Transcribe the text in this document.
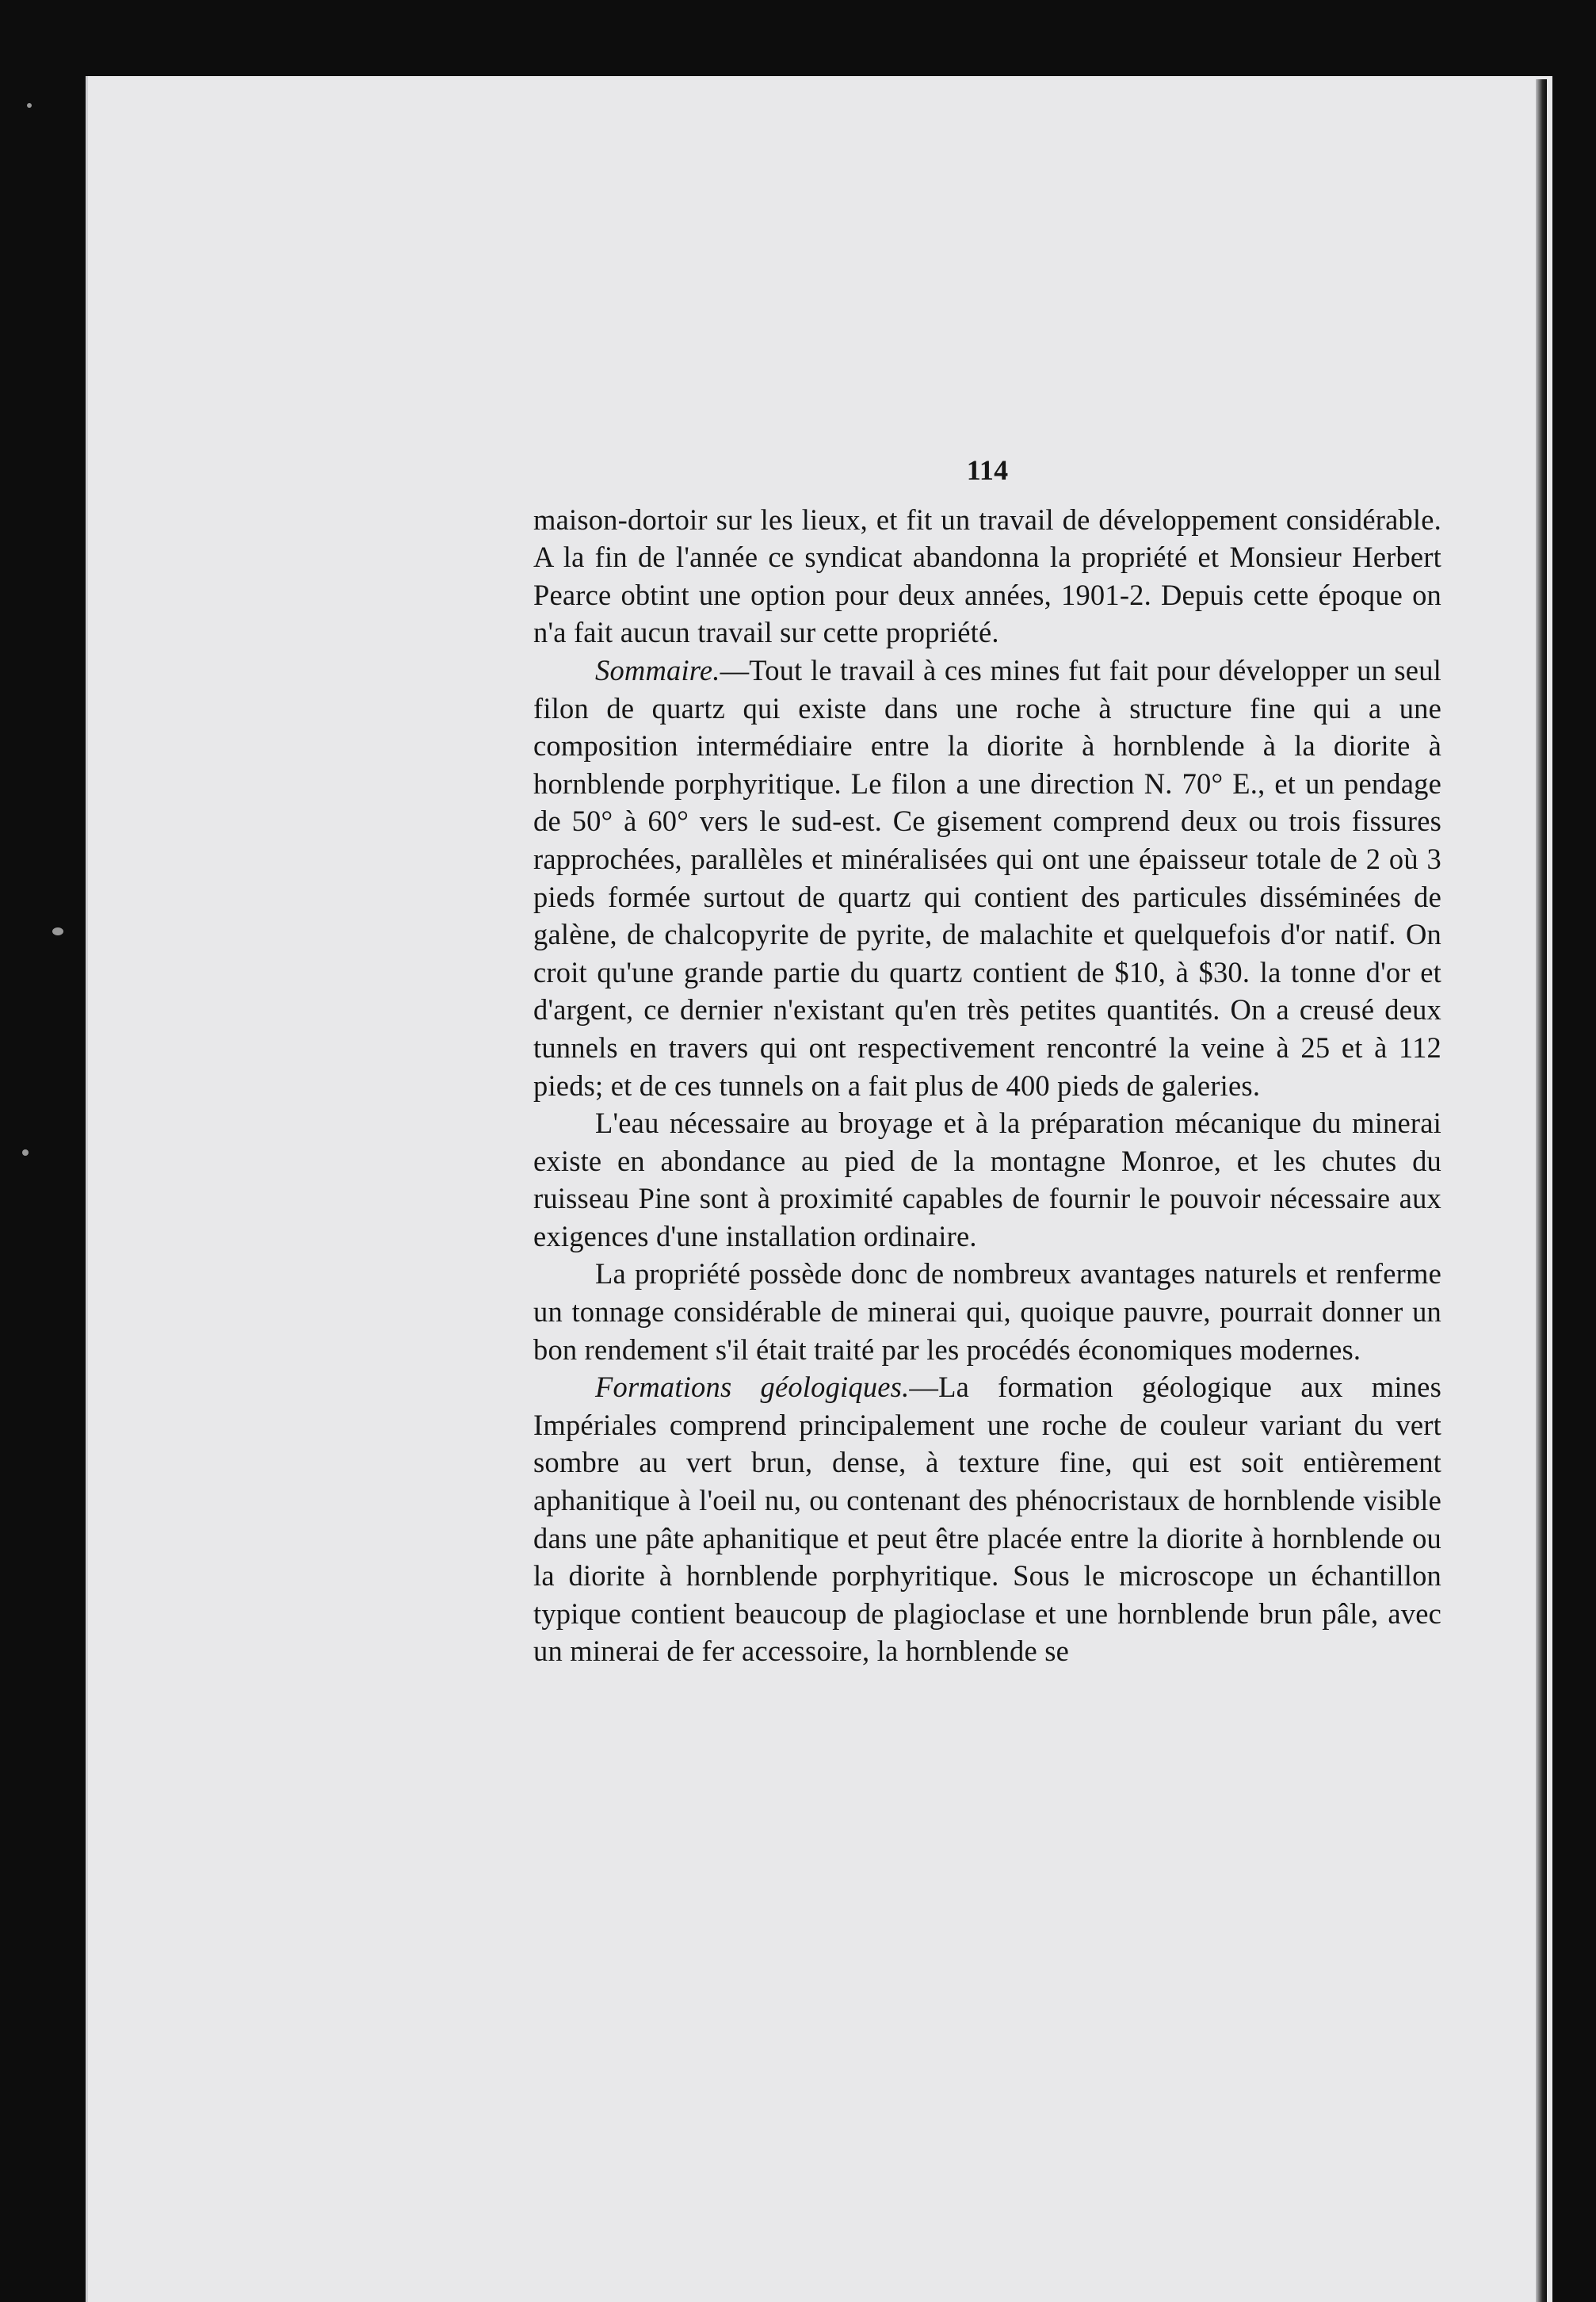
114

maison-dortoir sur les lieux, et fit un travail de développement considérable. A la fin de l'année ce syndicat abandonna la propriété et Monsieur Herbert Pearce obtint une option pour deux années, 1901-2. Depuis cette époque on n'a fait aucun travail sur cette propriété.

Sommaire.—Tout le travail à ces mines fut fait pour développer un seul filon de quartz qui existe dans une roche à structure fine qui a une composition intermédiaire entre la diorite à hornblende à la diorite à hornblende porphyritique. Le filon a une direction N. 70° E., et un pendage de 50° à 60° vers le sud-est. Ce gisement comprend deux ou trois fissures rapprochées, parallèles et minéralisées qui ont une épaisseur totale de 2 où 3 pieds formée surtout de quartz qui contient des particules disséminées de galène, de chalcopyrite de pyrite, de malachite et quelquefois d'or natif. On croit qu'une grande partie du quartz contient de $10, à $30. la tonne d'or et d'argent, ce dernier n'existant qu'en très petites quantités. On a creusé deux tunnels en travers qui ont respectivement rencontré la veine à 25 et à 112 pieds; et de ces tunnels on a fait plus de 400 pieds de galeries.

L'eau nécessaire au broyage et à la préparation mécanique du minerai existe en abondance au pied de la montagne Monroe, et les chutes du ruisseau Pine sont à proximité capables de fournir le pouvoir nécessaire aux exigences d'une installation ordinaire.

La propriété possède donc de nombreux avantages naturels et renferme un tonnage considérable de minerai qui, quoique pauvre, pourrait donner un bon rendement s'il était traité par les procédés économiques modernes.

Formations géologiques.—La formation géologique aux mines Impériales comprend principalement une roche de couleur variant du vert sombre au vert brun, dense, à texture fine, qui est soit entièrement aphanitique à l'oeil nu, ou contenant des phénocristaux de hornblende visible dans une pâte aphanitique et peut être placée entre la diorite à hornblende ou la diorite à hornblende porphyritique. Sous le microscope un échantillon typique contient beaucoup de plagioclase et une hornblende brun pâle, avec un minerai de fer accessoire, la hornblende se
